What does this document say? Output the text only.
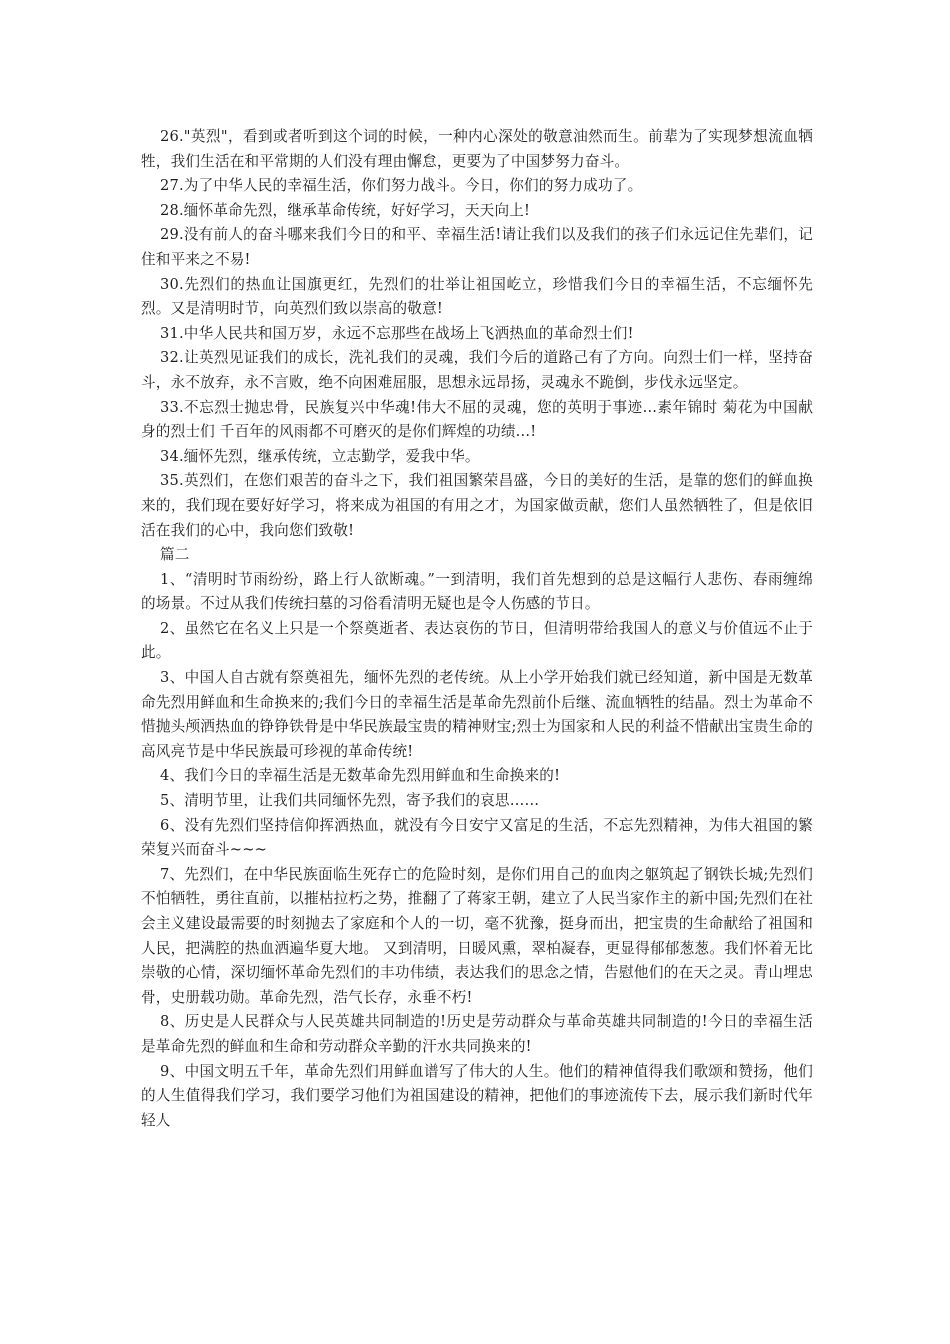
26."英烈"，看到或者听到这个词的时候，一种内心深处的敬意油然而生。前辈为了实现梦想流血牺牲，我们生活在和平常期的人们没有理由懈怠，更要为了中国梦努力奋斗。

27.为了中华人民的幸福生活，你们努力战斗。今日，你们的努力成功了。

28.缅怀革命先烈，继承革命传统，好好学习，天天向上!

29.没有前人的奋斗哪来我们今日的和平、幸福生活!请让我们以及我们的孩子们永远记住先辈们，记住和平来之不易!

30.先烈们的热血让国旗更红，先烈们的壮举让祖国屹立，珍惜我们今日的幸福生活，不忘缅怀先烈。又是清明时节，向英烈们致以崇高的敬意!

31.中华人民共和国万岁，永远不忘那些在战场上飞洒热血的革命烈士们!

32.让英烈见证我们的成长，洗礼我们的灵魂，我们今后的道路己有了方向。向烈士们一样，坚持奋斗，永不放弃，永不言败，绝不向困难屈服，思想永远昂扬，灵魂永不跪倒，步伐永远坚定。

33.不忘烈士抛忠骨，民族复兴中华魂!伟大不屈的灵魂，您的英明于事迹...素年锦时 菊花为中国献身的烈士们 千百年的风雨都不可磨灭的是你们辉煌的功绩...!

34.缅怀先烈，继承传统，立志勤学，爱我中华。

35.英烈们，在您们艰苦的奋斗之下，我们祖国繁荣昌盛，今日的美好的生活，是靠的您们的鲜血换来的，我们现在要好好学习，将来成为祖国的有用之才，为国家做贡献，您们人虽然牺牲了，但是依旧活在我们的心中，我向您们致敬!

篇二

1、“清明时节雨纷纷，路上行人欲断魂。”一到清明，我们首先想到的总是这幅行人悲伤、春雨缠绵的场景。不过从我们传统扫墓的习俗看清明无疑也是令人伤感的节日。

2、虽然它在名义上只是一个祭奠逝者、表达哀伤的节日，但清明带给我国人的意义与价值远不止于此。

3、中国人自古就有祭奠祖先，缅怀先烈的老传统。从上小学开始我们就已经知道，新中国是无数革命先烈用鲜血和生命换来的;我们今日的幸福生活是革命先烈前仆后继、流血牺牲的结晶。烈士为革命不惜抛头颅洒热血的铮铮铁骨是中华民族最宝贵的精神财宝;烈士为国家和人民的利益不惜献出宝贵生命的高风亮节是中华民族最可珍视的革命传统!

4、我们今日的幸福生活是无数革命先烈用鲜血和生命换来的!

5、清明节里，让我们共同缅怀先烈，寄予我们的哀思……

6、没有先烈们坚持信仰挥洒热血，就没有今日安宁又富足的生活，不忘先烈精神，为伟大祖国的繁荣复兴而奋斗~~~

7、先烈们，在中华民族面临生死存亡的危险时刻，是你们用自己的血肉之躯筑起了钢铁长城;先烈们不怕牺牲，勇往直前，以摧枯拉朽之势，推翻了了蒋家王朝，建立了人民当家作主的新中国;先烈们在社会主义建设最需要的时刻抛去了家庭和个人的一切，毫不犹豫，挺身而出，把宝贵的生命献给了祖国和人民，把满腔的热血洒遍华夏大地。 又到清明，日暖风熏，翠柏凝春，更显得郁郁葱葱。我们怀着无比崇敬的心情，深切缅怀革命先烈们的丰功伟绩，表达我们的思念之情，告慰他们的在天之灵。青山埋忠骨，史册载功勋。革命先烈，浩气长存，永垂不朽!

8、历史是人民群众与人民英雄共同制造的!历史是劳动群众与革命英雄共同制造的!今日的幸福生活是革命先烈的鲜血和生命和劳动群众辛勤的汗水共同换来的!

9、中国文明五千年，革命先烈们用鲜血谱写了伟大的人生。他们的精神值得我们歌颂和赞扬，他们的人生值得我们学习，我们要学习他们为祖国建设的精神，把他们的事迹流传下去，展示我们新时代年轻人
